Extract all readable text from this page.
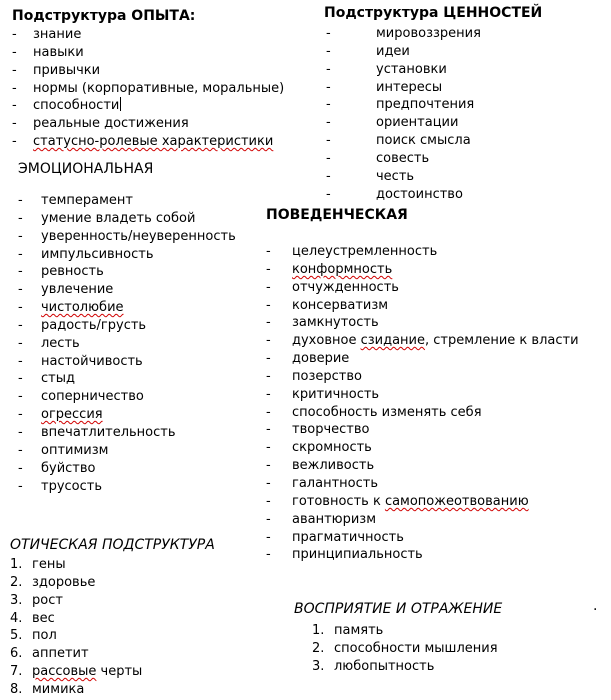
Подструктура ОПЫТА:
- знание
- навыки
- привычки
- нормы (корпоративные, моральные)
- способности
- реальные достижения
- статусно-ролевые характеристики
Подструктура ЦЕННОСТЕЙ
-	мировоззрения
-	идеи
-	установки
-	интересы
-	предпочтения
-	ориентации
-	поиск смысла
-	совесть
-	честь
-	достоинство
ЭМОЦИОНАЛЬНАЯ
- темперамент
- умение владеть собой
- уверенность/неуверенность
- импульсивность
- ревность
- увлечение
- чистолюбие
- радость/грусть
- лесть
- настойчивость
- стыд
- соперничество
- огрессия
- впечатлительность
- оптимизм
- буйство
- трусость
ПОВЕДЕНЧЕСКАЯ
- целеустремленность
- конформность
- отчужденность
- консерватизм
- замкнутость
- духовное сзидание, стремление к власти
- доверие
- позерство
- критичность
- способность изменять себя
- творчество
- скромность
- вежливость
- галантность
- готовность к самопожеотвованию
- авантюризм
- прагматичность
- принципиальность
ОТИЧЕСКАЯ ПОДСТРУКТУРА
1. гены
2. здоровье
3. рост
4. вес
5. пол
6. аппетит
7. рассовые черты
8. мимика
ВОСПРИЯТИЕ И ОТРАЖЕНИЕ
1. память
2. способности мышления
3. любопытность
.
